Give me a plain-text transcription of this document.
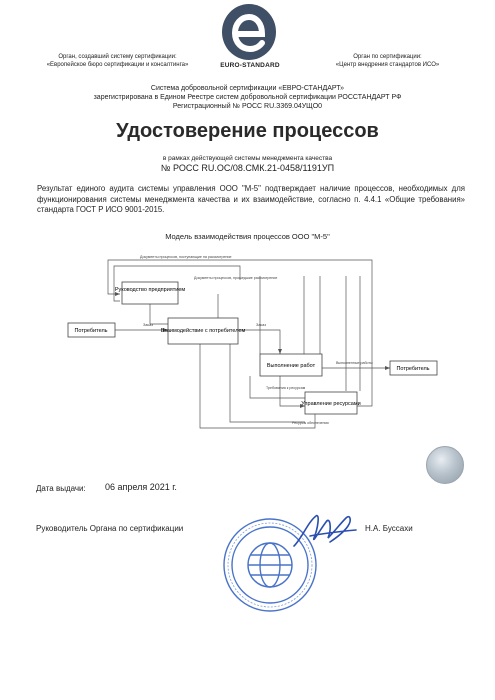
Орган, создавший систему сертификации:
«Европейское бюро сертификации и консалтинга»	EURO-STANDARD
Орган по сертификации:
«Центр внедрения стандартов ИСО»
Система добровольной сертификации «ЕВРО-СТАНДАРТ»
зарегистрирована в Едином Реестре систем добровольной сертификации РОССТАНДАРТ РФ
Регистрационный № РОСС RU.З369.04УЩО0
Удостоверение процессов
в рамках действующей системы менеджмента качества
№ РОСС RU.ОС/08.СМК.21-0458/1191УП
Результат единого аудита системы управления ООО "М-5" подтверждает наличие процессов, необходимых для функционирования системы менеджмента качества и их взаимодействие, согласно п. 4.4.1 «Общие требования» стандарта ГОСТ Р ИСО 9001-2015.
Модель взаимодействия процессов ООО "М-5"
Руководство предприятием
Взаимодействие с потребителем
Выполнение работ
Управление ресурсами
Потребитель
Потребитель
Документы процессов, поступающие на рассмотрение
Документы процессов, прошедшие рассмотрение
Заказ	Заказ
Выполненные работы
Требования к ресурсам
Ресурсы обеспечения
Дата выдачи: 06 апреля 2021 г.
Руководитель Органа по сертификации	Н.А. Буссахи
